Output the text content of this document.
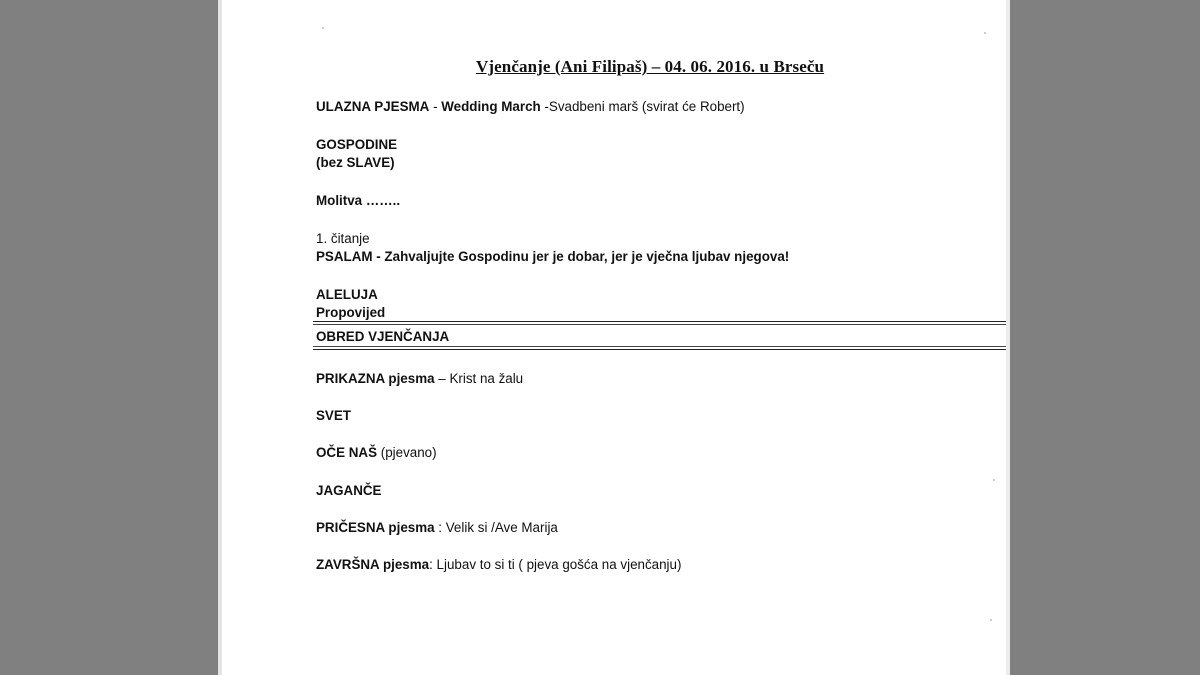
Vjenčanje (Ani Filipaš) – 04. 06. 2016. u Brseču
ULAZNA PJESMA - Wedding March -Svadbeni marš (svirat će Robert)
GOSPODINE
(bez SLAVE)
Molitva ……..
1. čitanje
PSALAM - Zahvaljujte Gospodinu jer je dobar, jer je vječna ljubav njegova!
ALELUJA
Propovijed
OBRED VJENČANJA
PRIKAZNA pjesma – Krist na žalu
SVET
OČE NAŠ (pjevano)
JAGANČE
PRIČESNA pjesma : Velik si /Ave Marija
ZAVRŠNA pjesma: Ljubav to si ti ( pjeva gošća na vjenčanju)
